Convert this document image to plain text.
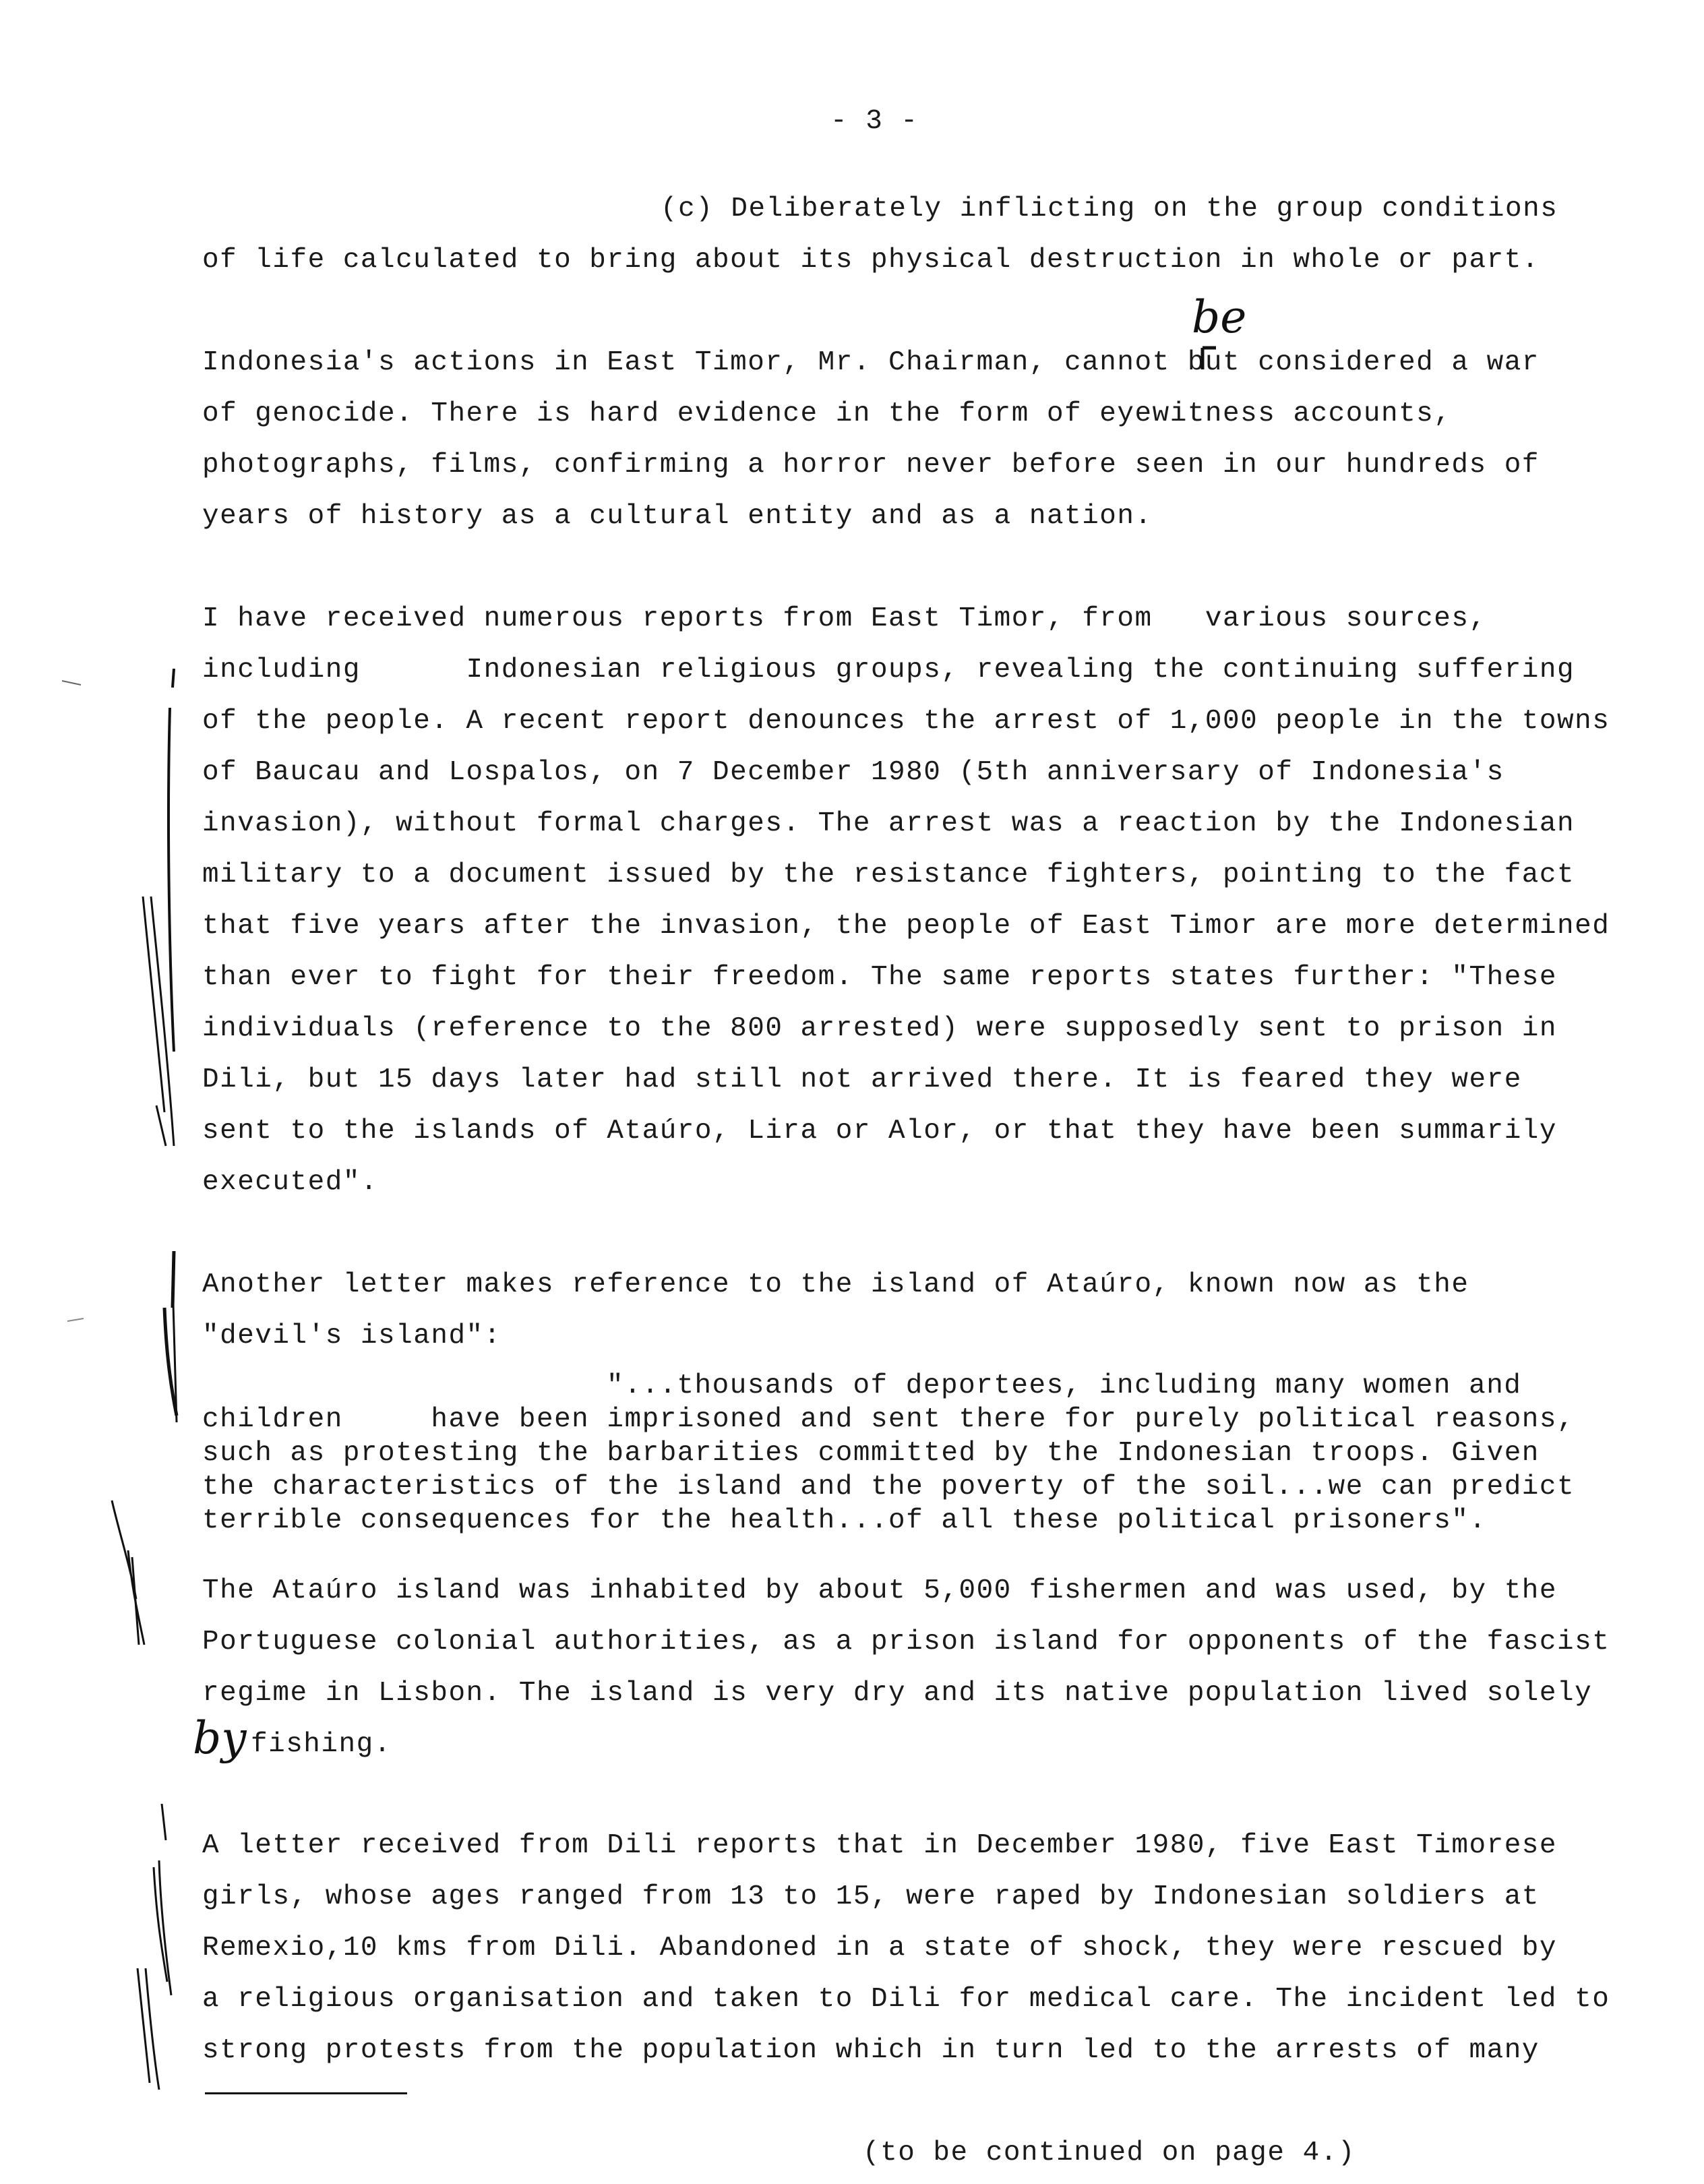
- 3 -
(c) Deliberately inflicting on the group conditions
of life calculated to bring about its physical destruction in whole or part.
be
Indonesia's actions in East Timor, Mr. Chairman, cannot but considered a war
of genocide. There is hard evidence in the form of eyewitness accounts,
photographs, films, confirming a horror never before seen in our hundreds of
years of history as a cultural entity and as a nation.
I have received numerous reports from East Timor, from   various sources,
including      Indonesian religious groups, revealing the continuing suffering
of the people. A recent report denounces the arrest of 1,000 people in the towns
of Baucau and Lospalos, on 7 December 1980 (5th anniversary of Indonesia's
invasion), without formal charges. The arrest was a reaction by the Indonesian
military to a document issued by the resistance fighters, pointing to the fact
that five years after the invasion, the people of East Timor are more determined
than ever to fight for their freedom. The same reports states further: "These
individuals (reference to the 800 arrested) were supposedly sent to prison in
Dili, but 15 days later had still not arrived there. It is feared they were
sent to the islands of Ataúro, Lira or Alor, or that they have been summarily
executed".
Another letter makes reference to the island of Ataúro, known now as the
"devil's island":
"...thousands of deportees, including many women and
children     have been imprisoned and sent there for purely political reasons,
such as protesting the barbarities committed by the Indonesian troops. Given
the characteristics of the island and the poverty of the soil...we can predict
terrible consequences for the health...of all these political prisoners".
The Ataúro island was inhabited by about 5,000 fishermen and was used, by the
Portuguese colonial authorities, as a prison island for opponents of the fascist
regime in Lisbon. The island is very dry and its native population lived solely
by fishing.
A letter received from Dili reports that in December 1980, five East Timorese
girls, whose ages ranged from 13 to 15, were raped by Indonesian soldiers at
Remexio,10 kms from Dili. Abandoned in a state of shock, they were rescued by
a religious organisation and taken to Dili for medical care. The incident led to
strong protests from the population which in turn led to the arrests of many
(to be continued on page 4.)
